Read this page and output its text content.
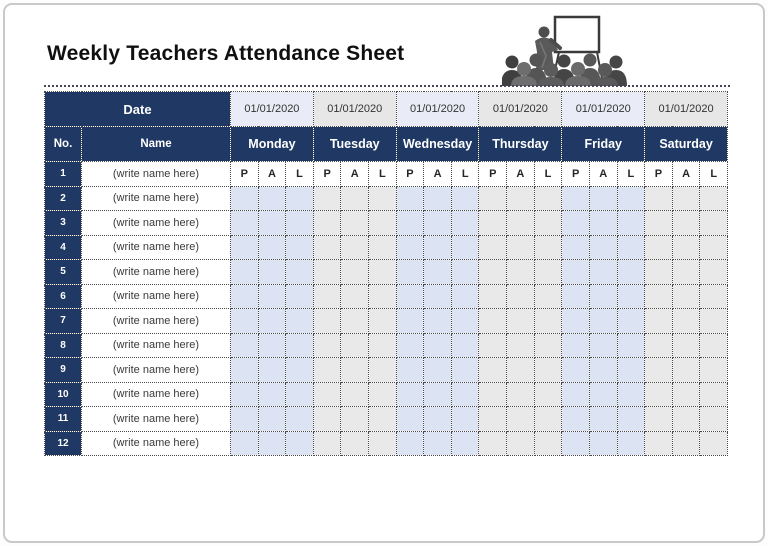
Weekly Teachers Attendance Sheet
Date		01/01/2020			01/01/2020			01/01/2020			01/01/2020			01/01/2020			01/01/2020		
No.	Name	Monday			Tuesday			Wednesday			Thursday			Friday			Saturday		
1	(write name here)	P	A	L	P	A	L	P	A	L	P	A	L	P	A	L	P	A	L
2	(write name here)																		
3	(write name here)																		
4	(write name here)																		
5	(write name here)																		
6	(write name here)																		
7	(write name here)																		
8	(write name here)																		
9	(write name here)																		
10	(write name here)																		
11	(write name here)																		
12	(write name here)																		
